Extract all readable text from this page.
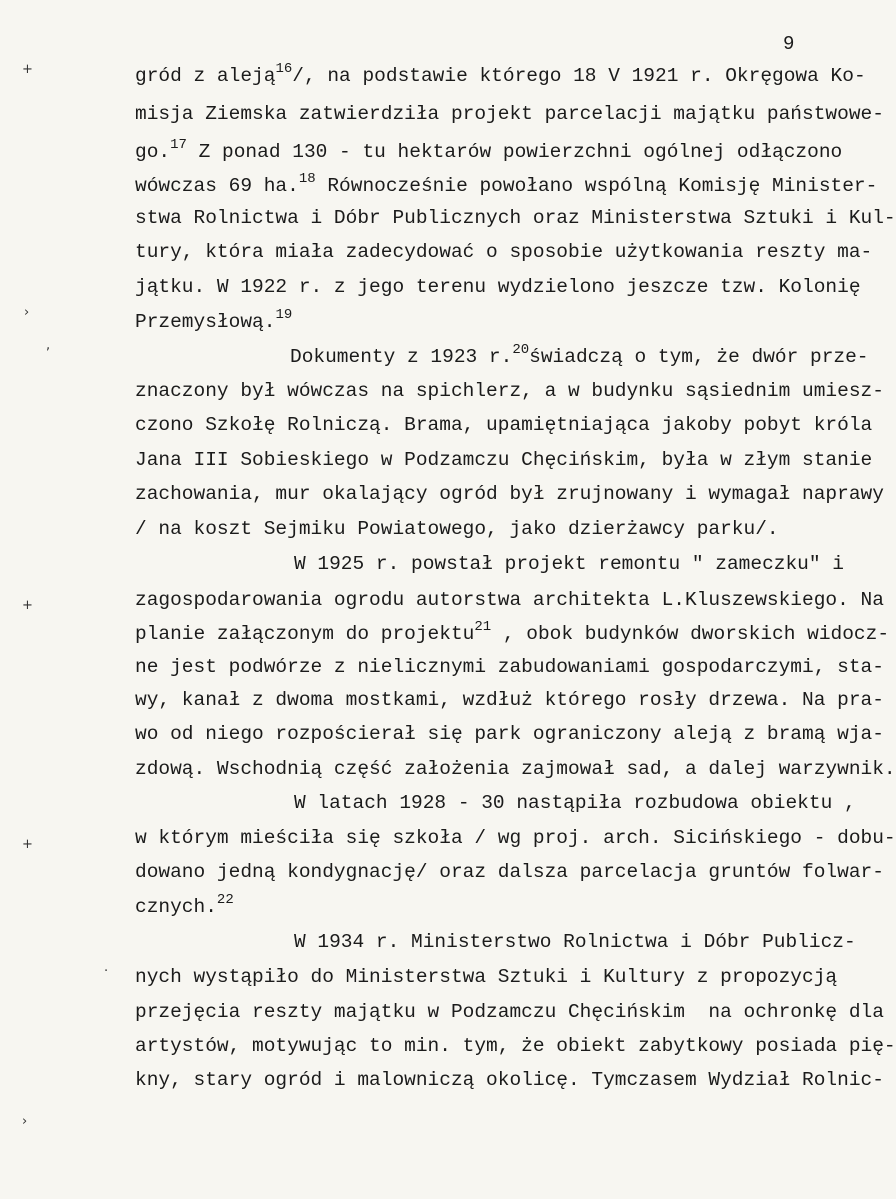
9
+
›
,
+
+
·
›
gród z aleją$^{16}$/, na podstawie którego 18 V 1921 r. Okręgowa Ko-
misja Ziemska zatwierdziła projekt parcelacji majątku państwowe-
go.$^{17}$ Z ponad 130 - tu hektarów powierzchni ogólnej odłączono
wówczas 69 ha.$^{18}$ Równocześnie powołano wspólną Komisję Minister-
stwa Rolnictwa i Dóbr Publicznych oraz Ministerstwa Sztuki i Kul-
tury, która miała zadecydować o sposobie użytkowania reszty ma-
jątku. W 1922 r. z jego terenu wydzielono jeszcze tzw. Kolonię
Przemysłową.$^{19}$
Dokumenty z 1923 r.$^{20}$świadczą o tym, że dwór prze-
znaczony był wówczas na spichlerz, a w budynku sąsiednim umiesz-
czono Szkołę Rolniczą. Brama, upamiętniająca jakoby pobyt króla
Jana III Sobieskiego w Podzamczu Chęcińskim, była w złym stanie
zachowania, mur okalający ogród był zrujnowany i wymagał naprawy
/ na koszt Sejmiku Powiatowego, jako dzierżawcy parku/.
W 1925 r. powstał projekt remontu " zameczku" i
zagospodarowania ogrodu autorstwa architekta L.Kluszewskiego. Na
planie załączonym do projektu$^{21}$ , obok budynków dworskich widocz-
ne jest podwórze z nielicznymi zabudowaniami gospodarczymi, sta-
wy, kanał z dwoma mostkami, wzdłuż którego rosły drzewa. Na pra-
wo od niego rozpościerał się park ograniczony aleją z bramą wja-
zdową. Wschodnią część założenia zajmował sad, a dalej warzywnik.
W latach 1928 - 30 nastąpiła rozbudowa obiektu ,
w którym mieściła się szkoła / wg proj. arch. Sicińskiego - dobu-
dowano jedną kondygnację/ oraz dalsza parcelacja gruntów folwar-
cznych.$^{22}$
W 1934 r. Ministerstwo Rolnictwa i Dóbr Publicz-
nych wystąpiło do Ministerstwa Sztuki i Kultury z propozycją
przejęcia reszty majątku w Podzamczu Chęcińskim  na ochronkę dla
artystów, motywując to min. tym, że obiekt zabytkowy posiada pię-
kny, stary ogród i malowniczą okolicę. Tymczasem Wydział Rolnic-
